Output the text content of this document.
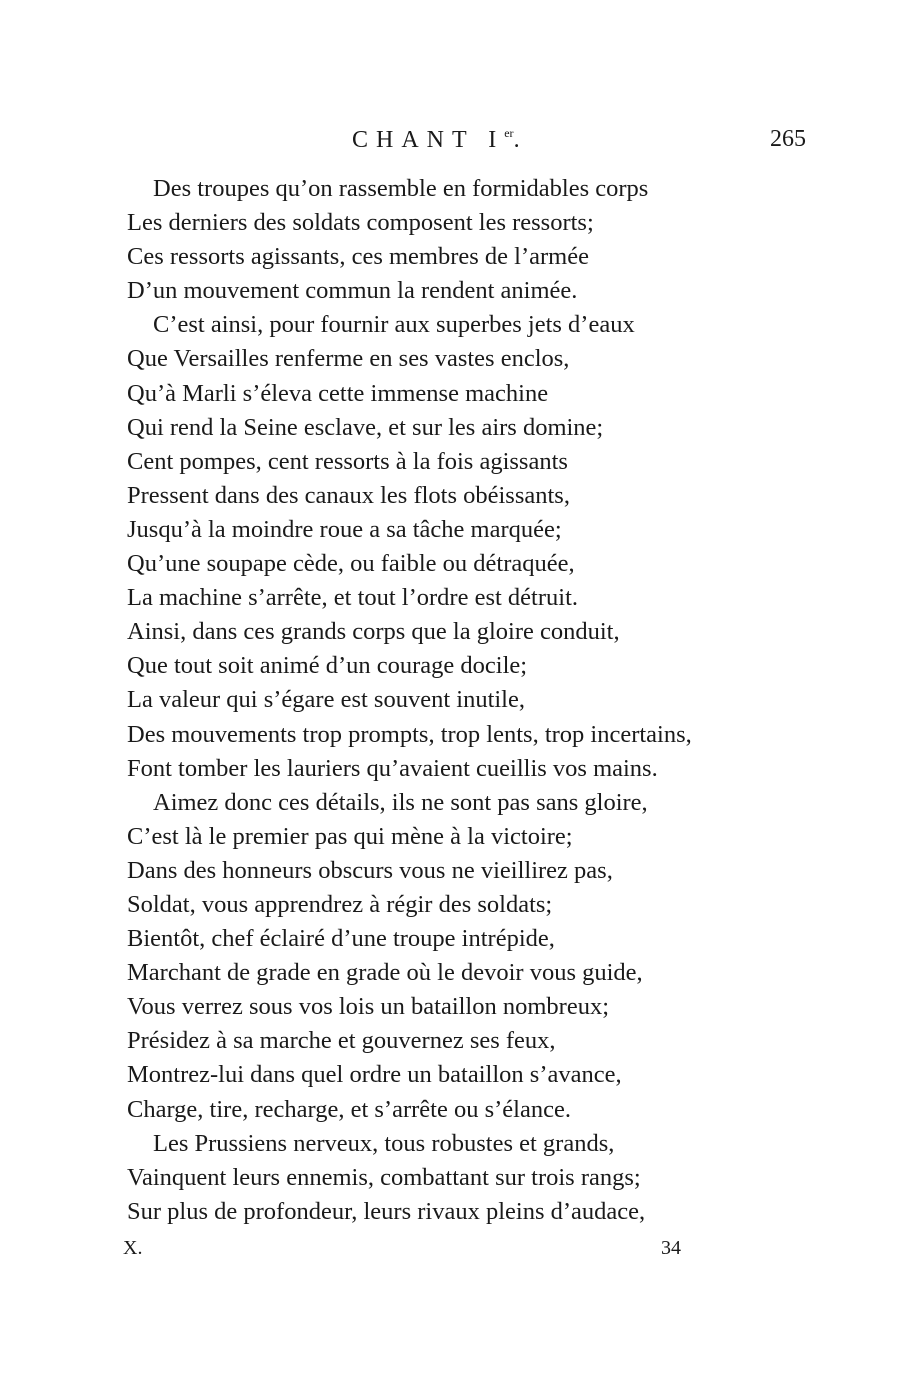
CHANT Ier.	265
Des troupes qu’on rassemble en formidables corps
Les derniers des soldats composent les ressorts;
Ces ressorts agissants, ces membres de l’armée
D’un mouvement commun la rendent animée.
C’est ainsi, pour fournir aux superbes jets d’eaux
Que Versailles renferme en ses vastes enclos,
Qu’à Marli s’éleva cette immense machine
Qui rend la Seine esclave, et sur les airs domine;
Cent pompes, cent ressorts à la fois agissants
Pressent dans des canaux les flots obéissants,
Jusqu’à la moindre roue a sa tâche marquée;
Qu’une soupape cède, ou faible ou détraquée,
La machine s’arrête, et tout l’ordre est détruit.
Ainsi, dans ces grands corps que la gloire conduit,
Que tout soit animé d’un courage docile;
La valeur qui s’égare est souvent inutile,
Des mouvements trop prompts, trop lents, trop incertains,
Font tomber les lauriers qu’avaient cueillis vos mains.
Aimez donc ces détails, ils ne sont pas sans gloire,
C’est là le premier pas qui mène à la victoire;
Dans des honneurs obscurs vous ne vieillirez pas,
Soldat, vous apprendrez à régir des soldats;
Bientôt, chef éclairé d’une troupe intrépide,
Marchant de grade en grade où le devoir vous guide,
Vous verrez sous vos lois un bataillon nombreux;
Présidez à sa marche et gouvernez ses feux,
Montrez-lui dans quel ordre un bataillon s’avance,
Charge, tire, recharge, et s’arrête ou s’élance.
Les Prussiens nerveux, tous robustes et grands,
Vainquent leurs ennemis, combattant sur trois rangs;
Sur plus de profondeur, leurs rivaux pleins d’audace,
X.	34
